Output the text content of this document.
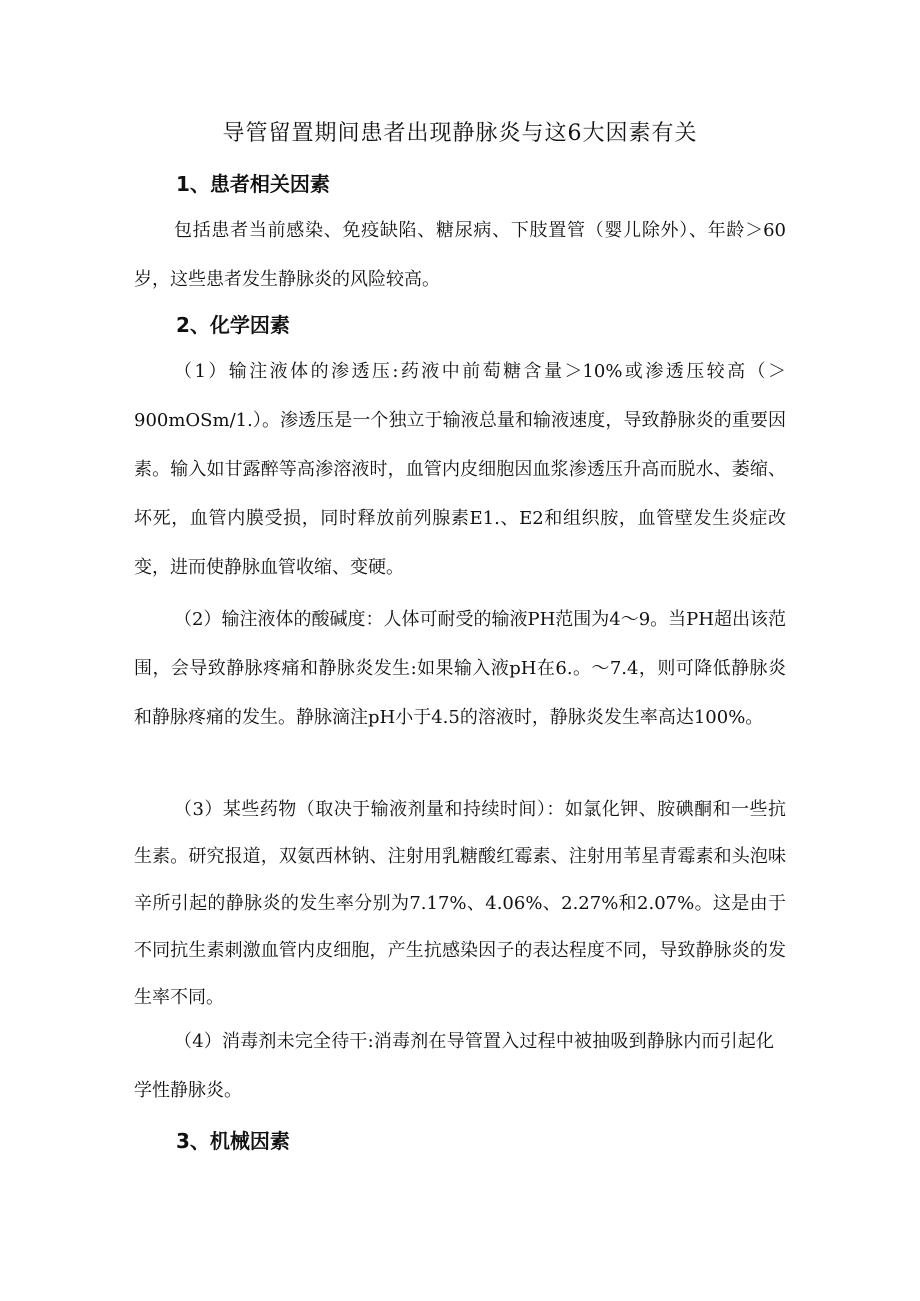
导管留置期间患者出现静脉炎与这6大因素有关
1、患者相关因素

包括患者当前感染、免疫缺陷、糖尿病、下肢置管（婴儿除外）、年龄＞60岁，这些患者发生静脉炎的风险较高。

2、化学因素

（1）输注液体的渗透压:药液中前萄糖含量＞10%或渗透压较高（＞900mOSm/1.）。渗透压是一个独立于输液总量和输液速度，导致静脉炎的重要因素。输入如甘露醉等高渗溶液时，血管内皮细胞因血浆渗透压升高而脱水、萎缩、坏死，血管内膜受损，同时释放前列腺素E1.、E2和组织胺，血管壁发生炎症改变，进而使静脉血管收缩、变硬。

（2）输注液体的酸碱度：人体可耐受的输液PH范围为4～9。当PH超出该范围，会导致静脉疼痛和静脉炎发生:如果输入液pH在6.。～7.4，则可降低静脉炎和静脉疼痛的发生。静脉滴注pH小于4.5的溶液时，静脉炎发生率高达100%。

（3）某些药物（取决于输液剂量和持续时间）：如氯化钾、胺碘酮和一些抗生素。研究报道，双氨西林钠、注射用乳糖酸红霉素、注射用苇星青霉素和头泡味辛所引起的静脉炎的发生率分别为7.17%、4.06%、2.27%和2.07%。这是由于不同抗生素刺激血管内皮细胞，产生抗感染因子的表达程度不同，导致静脉炎的发生率不同。

（4）消毒剂未完全待干:消毒剂在导管置入过程中被抽吸到静脉内而引起化学性静脉炎。

3、机械因素
